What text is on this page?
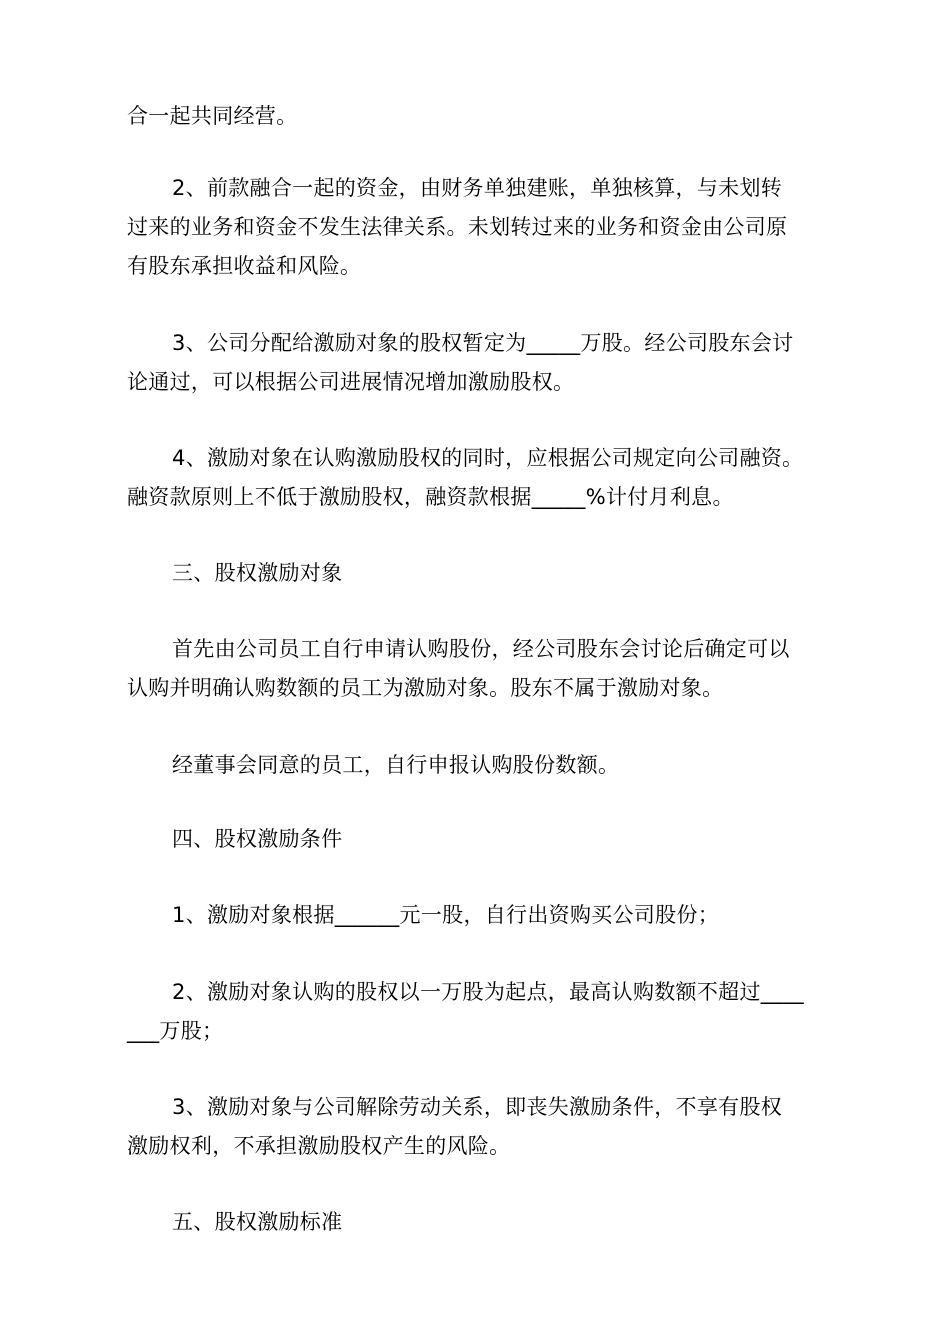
合一起共同经营。

2、前款融合一起的资金，由财务单独建账，单独核算，与未划转
过来的业务和资金不发生法律关系。未划转过来的业务和资金由公司原
有股东承担收益和风险。

3、公司分配给激励对象的股权暂定为_____万股。经公司股东会讨
论通过，可以根据公司进展情况增加激励股权。

4、激励对象在认购激励股权的同时，应根据公司规定向公司融资。
融资款原则上不低于激励股权，融资款根据_____%计付月利息。

三、股权激励对象

首先由公司员工自行申请认购股份，经公司股东会讨论后确定可以
认购并明确认购数额的员工为激励对象。股东不属于激励对象。

经董事会同意的员工，自行申报认购股份数额。

四、股权激励条件

1、激励对象根据______元一股，自行出资购买公司股份；

2、激励对象认购的股权以一万股为起点，最高认购数额不超过____
___万股；

3、激励对象与公司解除劳动关系，即丧失激励条件，不享有股权
激励权利，不承担激励股权产生的风险。

五、股权激励标准
